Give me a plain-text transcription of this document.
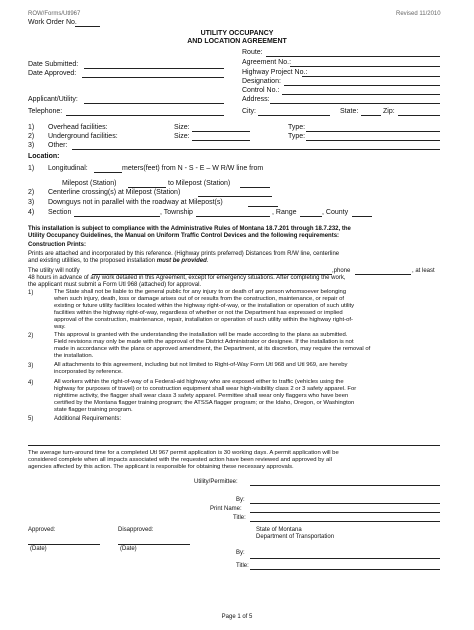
ROW/Forms/Utl967	Revised 11/2010
Work Order No.
UTILITY OCCUPANCY
AND LOCATION AGREEMENT
Route:
Agreement No.:
Highway Project No.:
Designation:
Control No.:
Address:
Date Submitted:
Date Approved:
Applicant/Utility:
Telephone:	City:	State:	Zip:
1) Overhead facilities:	Size:	Type:
2) Underground facilities:	Size:	Type:
3) Other:
Location:
1) Longitudinal:	meters(feet) from N - S - E – W R/W line from
Milepost (Station)	to Milepost (Station)
2) Centerline crossing(s) at Milepost (Station)
3) Downguys not in parallel with the roadway at Milepost(s)
4) Section	, Township	, Range	, County
This installation is subject to compliance with the Administrative Rules of Montana 18.7.201 through 18.7.232, the
Utility Occupancy Guidelines, the Manual on Uniform Traffic Control Devices and the following requirements:
Construction Prints:
Prints are attached and incorporated by this reference. (Highway prints preferred) Distances from R/W line, centerline
and existing utilities, to the proposed installation must be provided.
The utility will notify	,phone	, at least
48 hours in advance of any work detailed in this Agreement, except for emergency situations. After completing the work,
the applicant must submit a Form Utl 968 (attached) for approval.
1)	The State shall not be liable to the general public for any injury to or death of any person whomsoever belonging

when such injury, death, loss or damage arises out of or results from the construction, maintenance, or repair of

existing or future utility facilities located within the highway right-of-way, or the installation or operation of such utility

facilities within the highway right-of-way, regardless of whether or not the Department has expressed or implied

approval of the construction, maintenance, repair, installation or operation of such utility within the highway right-of-

way.

2)	This approval is granted with the understanding the installation will be made according to the plans as submitted.

Field revisions may only be made with the approval of the District Administrator or designee. If the installation is not

made in accordance with the plans or approved amendment, the Department, at its discretion, may require the removal of

the installation.

3)	All attachments to this agreement, including but not limited to Right-of-Way Form Utl 968 and Utl 969, are hereby

incorporated by reference.

4)	All workers within the right-of-way of a Federal-aid highway who are exposed either to traffic (vehicles using the

highway for purposes of travel) or to construction equipment shall wear high-visibility class 2 or 3 safety apparel. For

nighttime activity, the flagger shall wear class 3 safety apparel. Permittee shall wear only flaggers who have been

certified by the Montana flagger training program; the ATSSA flagger program; or the Idaho, Oregon, or Washington

state flagger training program.

5)	Additional Requirements:

The average turn-around time for a completed Utl 967 permit application is 30 working days. A permit application will be

considered complete when all impacts associated with the requested action have been reviewed and approved by all

agencies affected by this action. The applicant is responsible for obtaining these necessary approvals.

Utility/Permittee:
By:
Print Name:
Title:
Approved:	Disapproved:	State of Montana
Department of Transportation
(Date)	(Date)
By:
Title:
Page 1 of 5
